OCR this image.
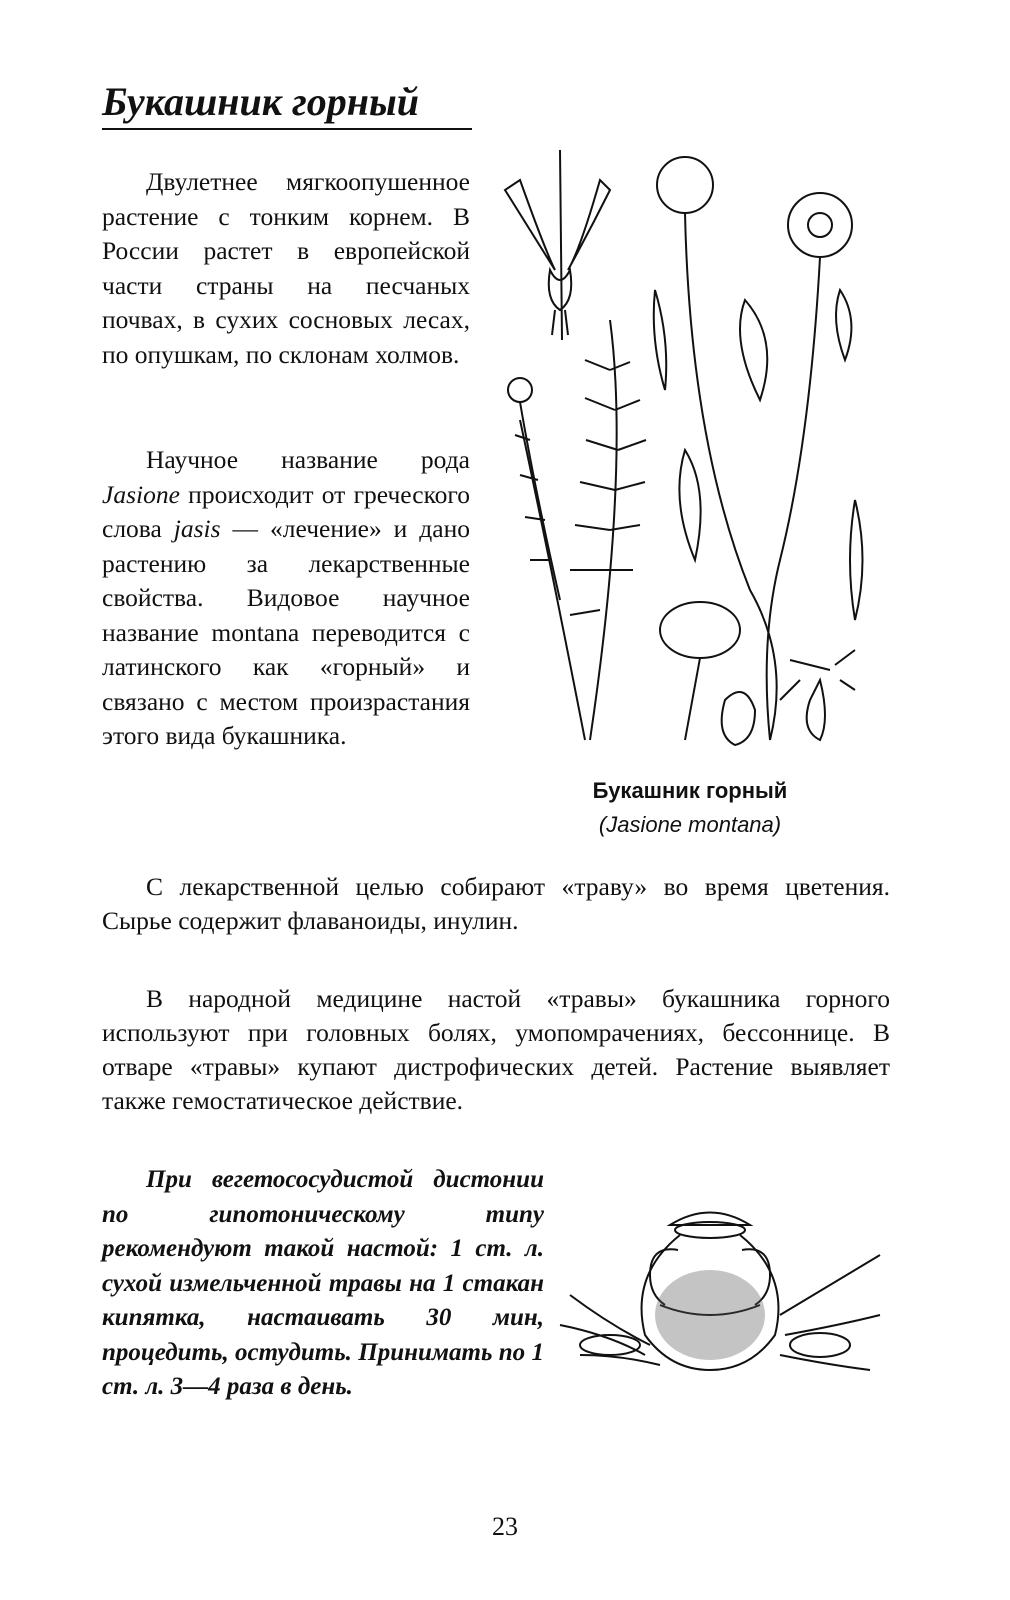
Букашник горный

Двулетнее мягкоопушенное растение с тонким корнем. В России растет в европейской части страны на песчаных почвах, в сухих сосновых лесах, по опушкам, по склонам холмов.

Научное название рода Jasione происходит от греческого слова jasis — «лечение» и дано растению за лекарственные свойства. Видовое научное название montana переводится с латинского как «горный» и связано с местом произрастания этого вида букашника.

Букашник горный
(Jasione montana)

С лекарственной целью собирают «траву» во время цветения. Сырье содержит флаваноиды, инулин.

В народной медицине настой «травы» букашника горного используют при головных болях, умопомрачениях, бессоннице. В отваре «травы» купают дистрофических детей. Растение выявляет также гемостатическое действие.

При вегетососудистой дистонии по гипотоническому типу рекомендуют такой настой: 1 ст. л. сухой измельченной травы на 1 стакан кипятка, настаивать 30 мин, процедить, остудить. Принимать по 1 ст. л. 3—4 раза в день.

23
